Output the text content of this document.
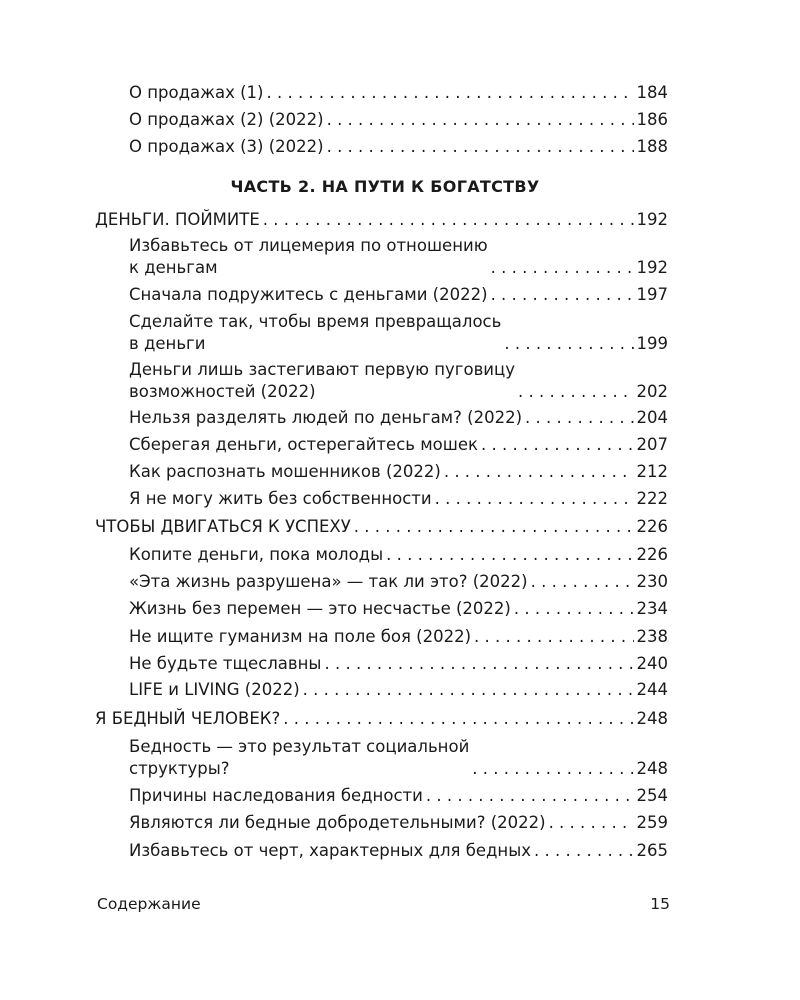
О продажах (1) . . .	184
О продажах (2) (2022) . . .	186
О продажах (3) (2022) . . .	188
ЧАСТЬ 2. НА ПУТИ К БОГАТСТВУ
ДЕНЬГИ. ПОЙМИТЕ . . .	192
Избавьтесь от лицемерия по отношению
к деньгам . . .	192
Сначала подружитесь с деньгами (2022) . . .	197
Сделайте так, чтобы время превращалось
в деньги . . .	199
Деньги лишь застегивают первую пуговицу
возможностей (2022) . . .	202
Нельзя разделять людей по деньгам? (2022) . . .	204
Сберегая деньги, остерегайтесь мошек . . .	207
Как распознать мошенников (2022) . . .	212
Я не могу жить без собственности . . .	222
ЧТОБЫ ДВИГАТЬСЯ К УСПЕХУ . . .	226
Копите деньги, пока молоды . . .	226
«Эта жизнь разрушена» — так ли это? (2022) . . .	230
Жизнь без перемен — это несчастье (2022) . . .	234
Не ищите гуманизм на поле боя (2022) . . .	238
Не будьте тщеславны . . .	240
LIFE и LIVING (2022) . . .	244
Я БЕДНЫЙ ЧЕЛОВЕК? . . .	248
Бедность — это результат социальной
структуры? . . .	248
Причины наследования бедности . . .	254
Являются ли бедные добродетельными? (2022) . . .	259
Избавьтесь от черт, характерных для бедных . . .	265
Содержание	15
